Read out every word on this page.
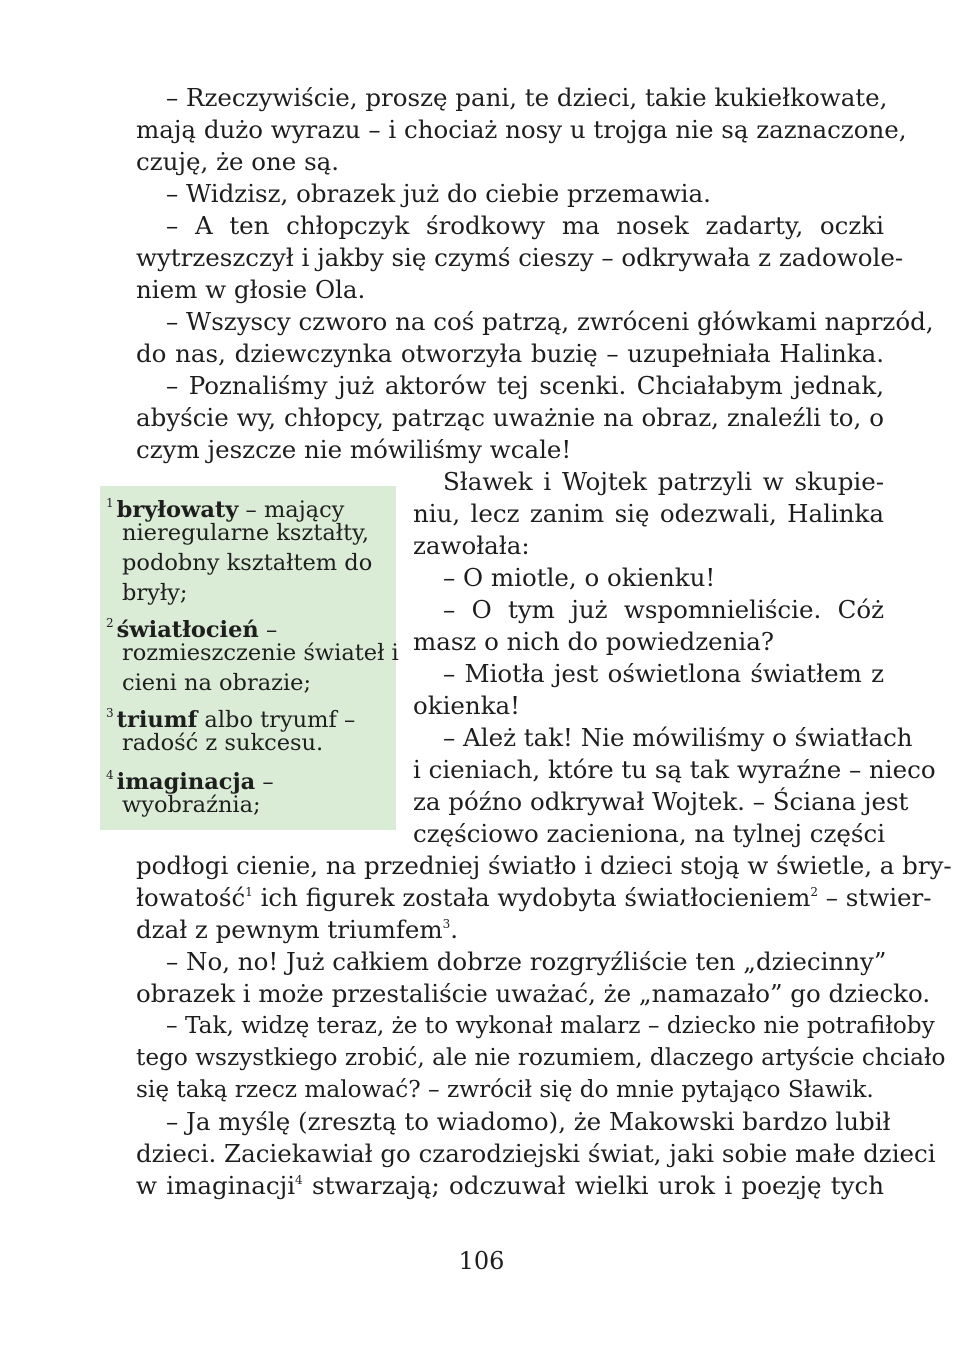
– Rzeczywiście, proszę pani, te dzieci, takie kukiełkowate,
mają dużo wyrazu – i chociaż nosy u trojga nie są zaznaczone,
czuję, że one są.
– Widzisz, obrazek już do ciebie przemawia.
– A ten chłopczyk środkowy ma nosek zadarty, oczki
wytrzeszczył i jakby się czymś cieszy – odkrywała z zadowole-
niem w głosie Ola.
– Wszyscy czworo na coś patrzą, zwróceni główkami naprzód,
do nas, dziewczynka otworzyła buzię – uzupełniała Halinka.
– Poznaliśmy już aktorów tej scenki. Chciałabym jednak,
abyście wy, chłopcy, patrząc uważnie na obraz, znaleźli to, o
czym jeszcze nie mówiliśmy wcale!
$^1$ bryłowaty – mający
nieregularne kształty,
podobny kształtem do
bryły;
$^2$ światłocień –
rozmieszczenie świateł i
cieni na obrazie;
$^3$ triumf albo tryumf –
radość z sukcesu.
$^4$ imaginacja –
wyobraźnia;
Sławek i Wojtek patrzyli w skupie-
niu, lecz zanim się odezwali, Halinka
zawołała:
– O miotle, o okienku!
– O tym już wspomnieliście. Cóż
masz o nich do powiedzenia?
– Miotła jest oświetlona światłem z
okienka!
– Ależ tak! Nie mówiliśmy o światłach
i cieniach, które tu są tak wyraźne – nieco
za późno odkrywał Wojtek. – Ściana jest
częściowo zacieniona, na tylnej części
podłogi cienie, na przedniej światło i dzieci stoją w świetle, a bry-
łowatość$^1$ ich figurek została wydobyta światłocieniem$^2$ – stwier-
dzał z pewnym triumfem$^3$.
– No, no! Już całkiem dobrze rozgryźliście ten „dziecinny”
obrazek i może przestaliście uważać, że „namazało” go dziecko.
– Tak, widzę teraz, że to wykonał malarz – dziecko nie potrafiłoby
tego wszystkiego zrobić, ale nie rozumiem, dlaczego artyście chciało
się taką rzecz malować? – zwrócił się do mnie pytająco Sławik.
– Ja myślę (zresztą to wiadomo), że Makowski bardzo lubił
dzieci. Zaciekawiał go czarodziejski świat, jaki sobie małe dzieci
w imaginacji$^4$ stwarzają; odczuwał wielki urok i poezję tych
106
